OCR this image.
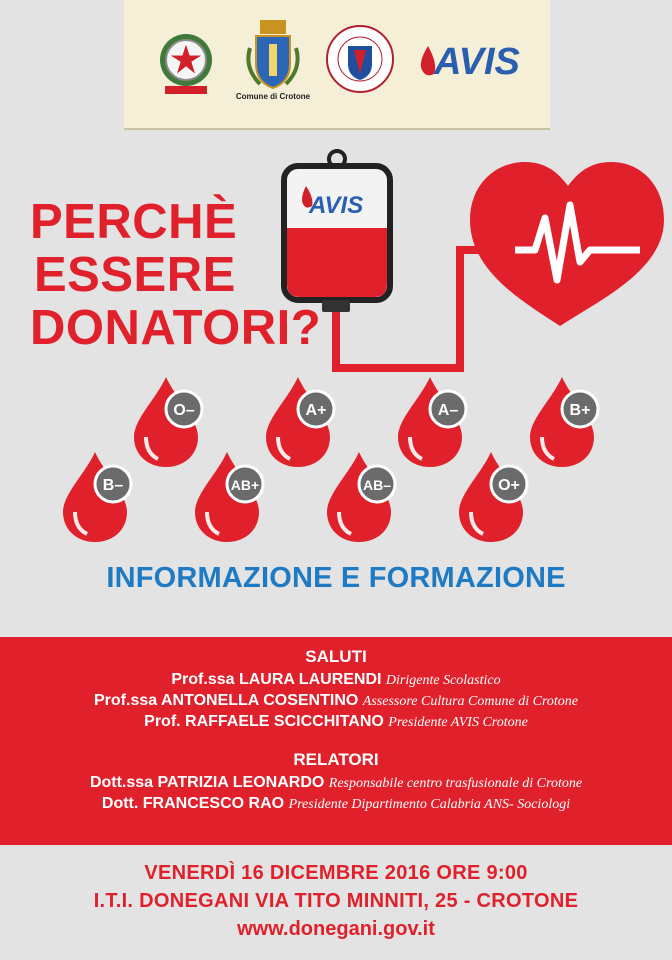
Comune di Crotone
AVIS
PERCHÈ
ESSERE
DONATORI?
AVIS
O–	A+	A–	B+
B–	AB+	AB–	O+
INFORMAZIONE E FORMAZIONE
SALUTI
Prof.ssa LAURA LAURENDI Dirigente Scolastico
Prof.ssa ANTONELLA COSENTINO Assessore Cultura Comune di Crotone
Prof. RAFFAELE SCICCHITANO Presidente AVIS Crotone
RELATORI
Dott.ssa PATRIZIA LEONARDO Responsabile centro trasfusionale di Crotone
Dott. FRANCESCO RAO Presidente Dipartimento Calabria ANS- Sociologi
VENERDÌ 16 DICEMBRE 2016 ORE 9:00
I.T.I. DONEGANI VIA TITO MINNITI, 25 - CROTONE
www.donegani.gov.it
